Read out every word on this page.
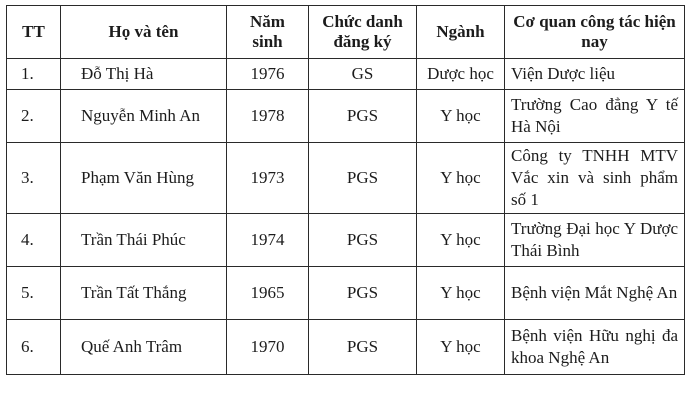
TT	Họ và tên	Năm sinh	Chức danh đăng ký	Ngành	Cơ quan công tác hiện nay
1.	Đỗ Thị Hà	1976	GS	Dược học	Viện Dược liệu
2.	Nguyễn Minh An	1978	PGS	Y học	Trường Cao đẳng Y tế Hà Nội
3.	Phạm Văn Hùng	1973	PGS	Y học	Công ty TNHH MTV Vắc xin và sinh phẩm số 1
4.	Trần Thái Phúc	1974	PGS	Y học	Trường Đại học Y Dược Thái Bình
5.	Trần Tất Thắng	1965	PGS	Y học	Bệnh viện Mắt Nghệ An
6.	Quế Anh Trâm	1970	PGS	Y học	Bệnh viện Hữu nghị đa khoa Nghệ An
